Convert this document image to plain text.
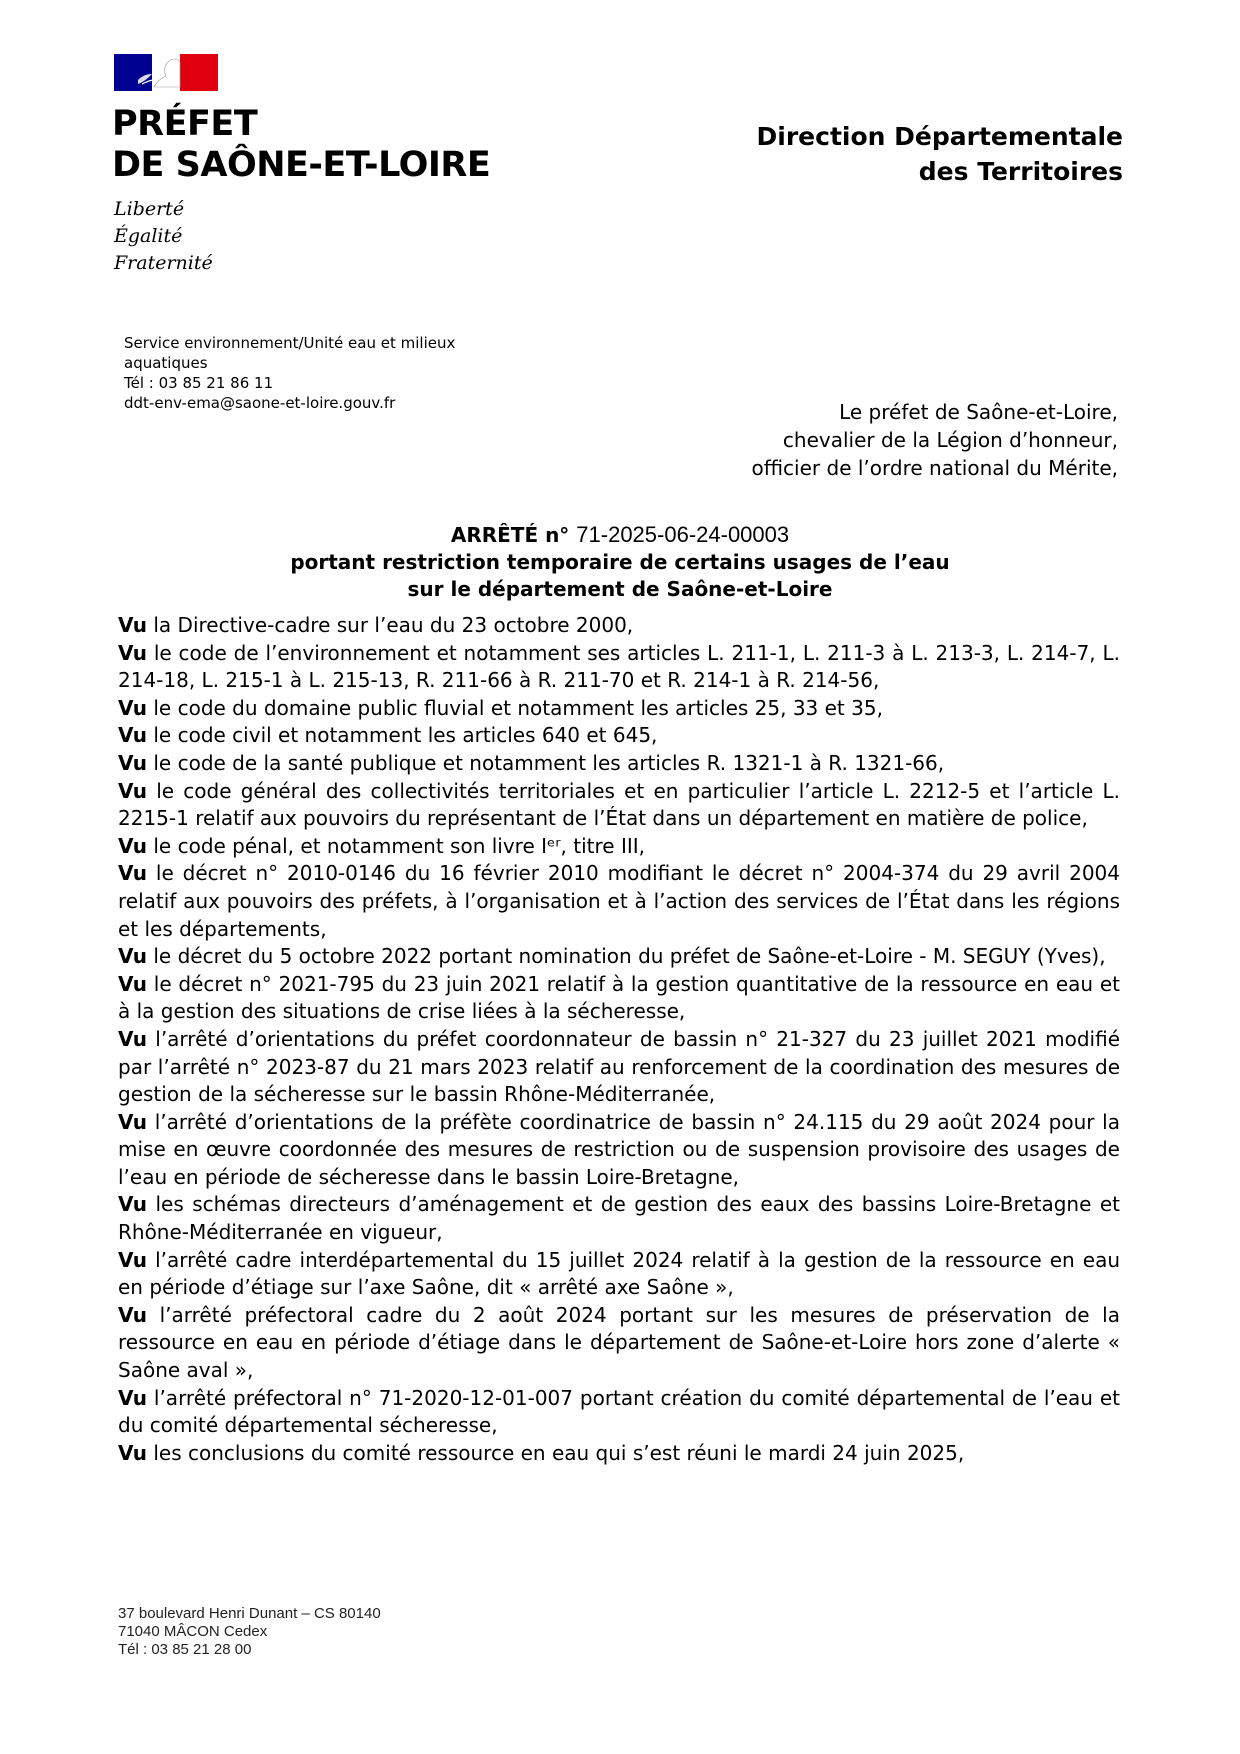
PRÉFET
DE SAÔNE-ET-LOIRE
Liberté
Égalité
Fraternité
Direction Départementale
des Territoires
Service environnement/Unité eau et milieux
aquatiques
Tél : 03 85 21 86 11
ddt-env-ema@saone-et-loire.gouv.fr	Le préfet de Saône-et-Loire,
chevalier de la Légion d’honneur,
officier de l’ordre national du Mérite,
ARRÊTÉ n° 71-2025-06-24-00003
portant restriction temporaire de certains usages de l’eau
sur le département de Saône-et-Loire

Vu la Directive-cadre sur l’eau du 23 octobre 2000,

Vu le code de l’environnement et notamment ses articles L. 211-1, L. 211-3 à L. 213-3, L. 214-7, L. 214-18, L. 215-1 à L. 215-13, R. 211-66 à R. 211-70 et R. 214-1 à R. 214-56,

Vu le code du domaine public fluvial et notamment les articles 25, 33 et 35,

Vu le code civil et notamment les articles 640 et 645,

Vu le code de la santé publique et notamment les articles R. 1321-1 à R. 1321-66,

Vu le code général des collectivités territoriales et en particulier l’article L. 2212-5 et l’article L. 2215-1 relatif aux pouvoirs du représentant de l’État dans un département en matière de police,

Vu le code pénal, et notamment son livre Iᵉʳ, titre III,

Vu le décret n° 2010-0146 du 16 février 2010 modifiant le décret n° 2004-374 du 29 avril 2004 relatif aux pouvoirs des préfets, à l’organisation et à l’action des services de l’État dans les régions et les départements,

Vu le décret du 5 octobre 2022 portant nomination du préfet de Saône-et-Loire - M. SEGUY (Yves),

Vu le décret n° 2021-795 du 23 juin 2021 relatif à la gestion quantitative de la ressource en eau et à la gestion des situations de crise liées à la sécheresse,

Vu l’arrêté d’orientations du préfet coordonnateur de bassin n° 21-327 du 23 juillet 2021 modifié par l’arrêté n° 2023-87 du 21 mars 2023 relatif au renforcement de la coordination des mesures de gestion de la sécheresse sur le bassin Rhône-Méditerranée,

Vu l’arrêté d’orientations de la préfète coordinatrice de bassin n° 24.115 du 29 août 2024 pour la mise en œuvre coordonnée des mesures de restriction ou de suspension provisoire des usages de l’eau en période de sécheresse dans le bassin Loire-Bretagne,

Vu les schémas directeurs d’aménagement et de gestion des eaux des bassins Loire-Bretagne et Rhône-Méditerranée en vigueur,

Vu l’arrêté cadre interdépartemental du 15 juillet 2024 relatif à la gestion de la ressource en eau en période d’étiage sur l’axe Saône, dit « arrêté axe Saône »,

Vu l’arrêté préfectoral cadre du 2 août 2024 portant sur les mesures de préservation de la ressource en eau en période d’étiage dans le département de Saône-et-Loire hors zone d’alerte « Saône aval »,

Vu l’arrêté préfectoral n° 71-2020-12-01-007 portant création du comité départemental de l’eau et du comité départemental sécheresse,

Vu les conclusions du comité ressource en eau qui s’est réuni le mardi 24 juin 2025,

37 boulevard Henri Dunant – CS 80140
71040 MÂCON Cedex
Tél : 03 85 21 28 00
